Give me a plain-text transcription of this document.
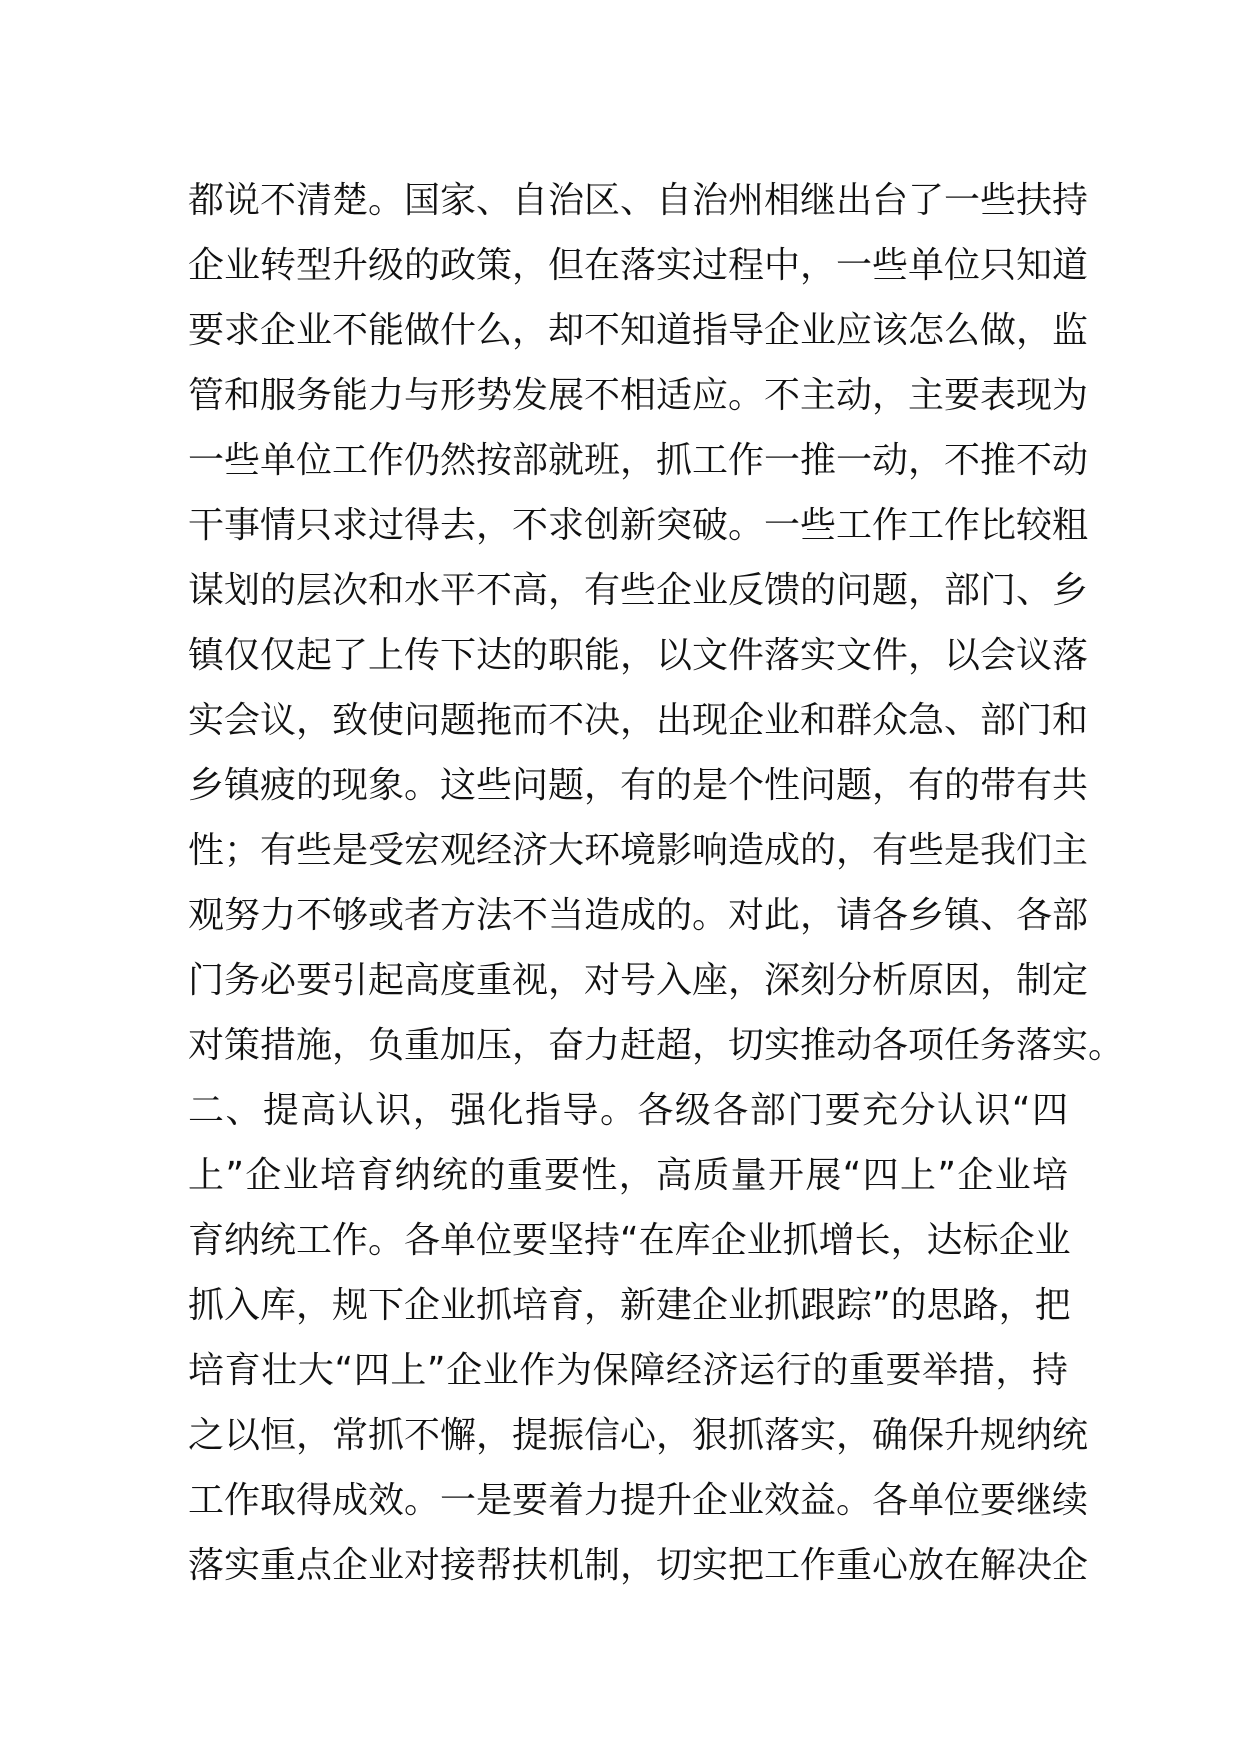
都说不清楚。国家、自治区、自治州相继出台了一些扶持
企业转型升级的政策，但在落实过程中，一些单位只知道
要求企业不能做什么，却不知道指导企业应该怎么做，监
管和服务能力与形势发展不相适应。不主动，主要表现为
一些单位工作仍然按部就班，抓工作一推一动，不推不动
干事情只求过得去，不求创新突破。一些工作工作比较粗
谋划的层次和水平不高，有些企业反馈的问题，部门、乡
镇仅仅起了上传下达的职能，以文件落实文件，以会议落
实会议，致使问题拖而不决，出现企业和群众急、部门和
乡镇疲的现象。这些问题，有的是个性问题，有的带有共
性；有些是受宏观经济大环境影响造成的，有些是我们主
观努力不够或者方法不当造成的。对此，请各乡镇、各部
门务必要引起高度重视，对号入座，深刻分析原因，制定
对策措施，负重加压，奋力赶超，切实推动各项任务落实。
二、提高认识，强化指导。各级各部门要充分认识“四
上”企业培育纳统的重要性，高质量开展“四上”企业培
育纳统工作。各单位要坚持“在库企业抓增长，达标企业
抓入库，规下企业抓培育，新建企业抓跟踪”的思路，把
培育壮大“四上”企业作为保障经济运行的重要举措，持
之以恒，常抓不懈，提振信心，狠抓落实，确保升规纳统
工作取得成效。一是要着力提升企业效益。各单位要继续
落实重点企业对接帮扶机制，切实把工作重心放在解决企
